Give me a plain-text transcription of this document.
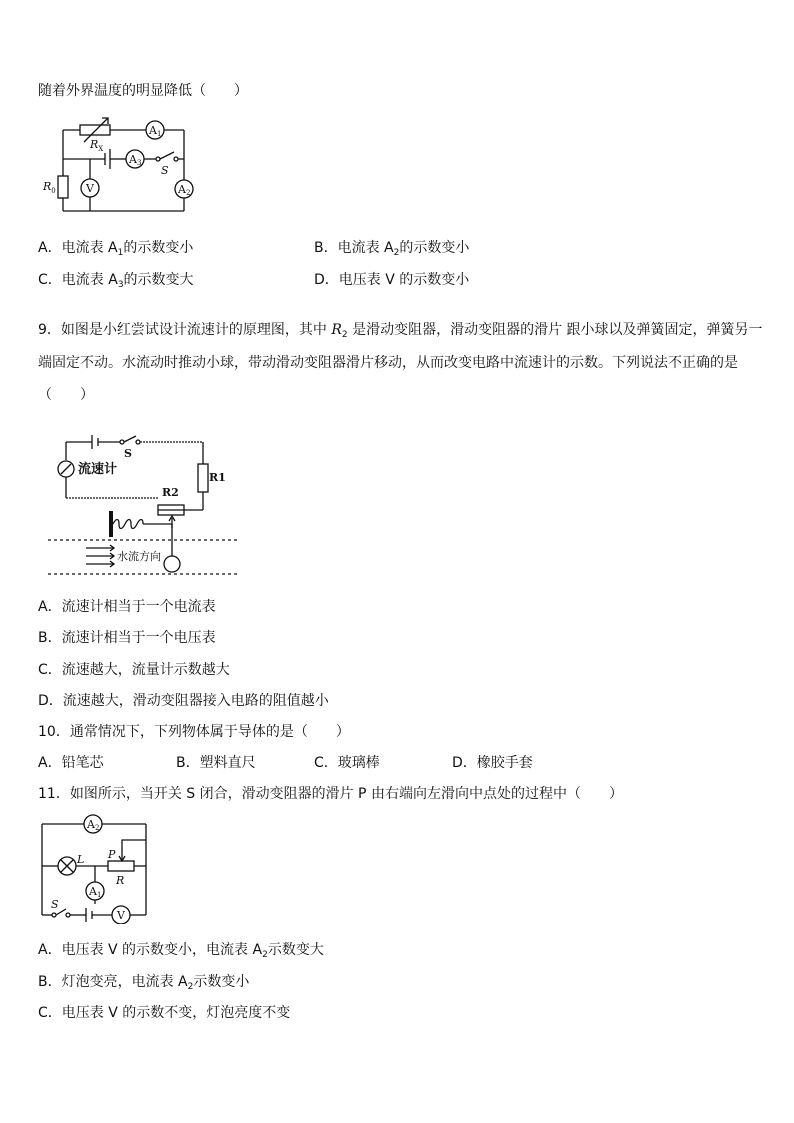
随着外界温度的明显降低（　　）
A1
A2
A3
V
S
$R_X$
$R_0$
A．电流表 $A_1$的示数变小	B．电流表 $A_2$的示数变小
C．电流表 $A_3$的示数变大	D．电压表 V 的示数变小
9．如图是小红尝试设计流速计的原理图，其中 $R_2$ 是滑动变阻器，滑动变阻器的滑片 跟小球以及弹簧固定，弹簧另一
端固定不动。水流动时推动小球，带动滑动变阻器滑片移动，从而改变电路中流速计的示数。下列说法不正确的是
（　　）
流速计
S
R1
R2
水流方向
A．流速计相当于一个电流表
B．流速计相当于一个电压表
C．流速越大，流量计示数越大
D．流速越大，滑动变阻器接入电路的阻值越小
10．通常情况下，下列物体属于导体的是（　　）
A．铅笔芯	B．塑料直尺	C．玻璃棒	D．橡胶手套
11．如图所示，当开关 S 闭合，滑动变阻器的滑片 P 由右端向左滑向中点处的过程中（　　）
A2
A1
L P
R
S
V
A．电压表 V 的示数变小，电流表 $A_2$示数变大
B．灯泡变亮，电流表 $A_2$示数变小
C．电压表 V 的示数不变，灯泡亮度不变
